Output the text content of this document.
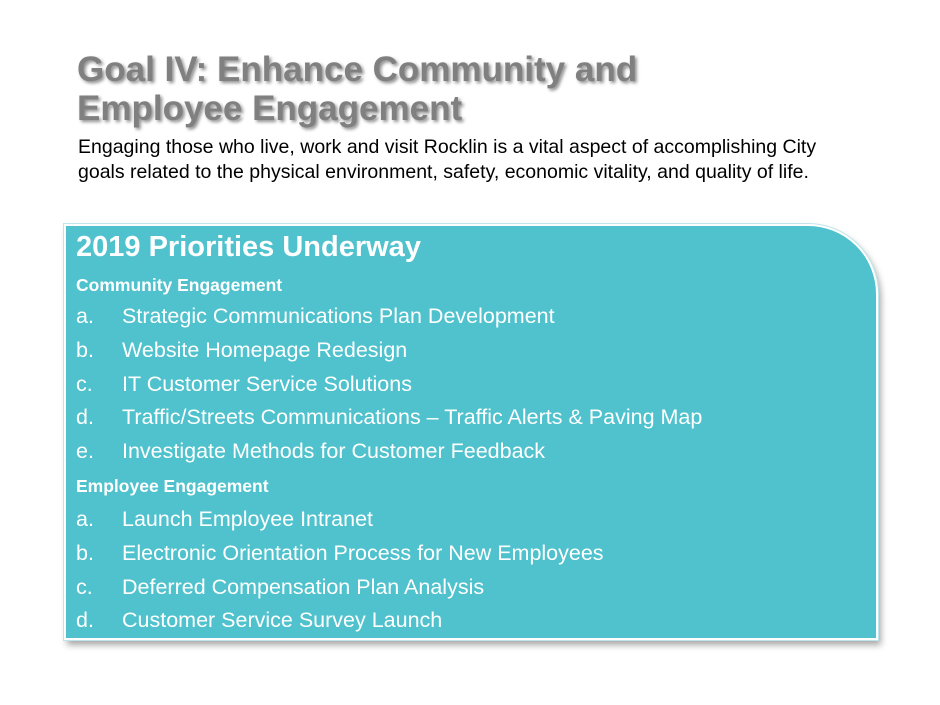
Goal IV: Enhance Community and
Employee Engagement

Engaging those who live, work and visit Rocklin is a vital aspect of accomplishing City goals related to the physical environment, safety, economic vitality, and quality of life.

2019 Priorities Underway
Community Engagement
a. Strategic Communications Plan Development
b. Website Homepage Redesign
c. IT Customer Service Solutions
d. Traffic/Streets Communications – Traffic Alerts & Paving Map
e. Investigate Methods for Customer Feedback
Employee Engagement
a. Launch Employee Intranet
b. Electronic Orientation Process for New Employees
c. Deferred Compensation Plan Analysis
d. Customer Service Survey Launch
